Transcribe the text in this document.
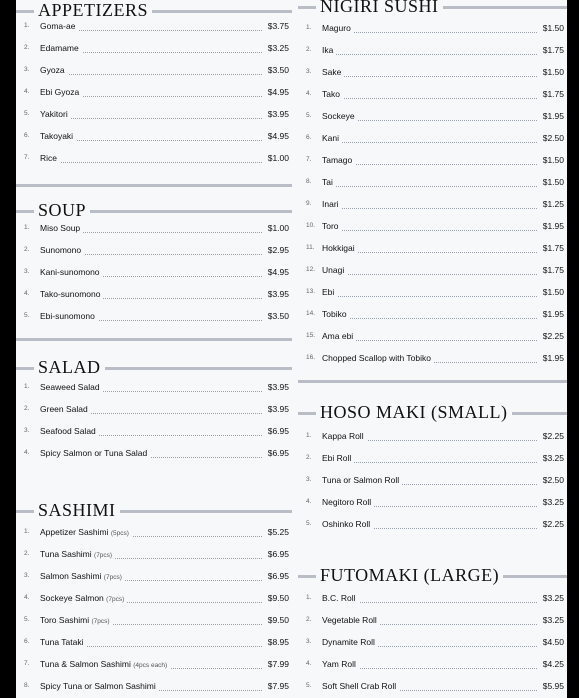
APPETIZERS
1.	Goma-ae	$3.75
2.	Edamame	$3.25
3.	Gyoza	$3.50
4.	Ebi Gyoza	$4.95
5.	Yakitori	$3.95
6.	Takoyaki	$4.95
7.	Rice	$1.00
SOUP
1.	Miso Soup	$1.00
2.	Sunomono	$2.95
3.	Kani-sunomono	$4.95
4.	Tako-sunomono	$3.95
5.	Ebi-sunomono	$3.50
SALAD
1.	Seaweed Salad	$3.95
2.	Green Salad	$3.95
3.	Seafood Salad	$6.95
4.	Spicy Salmon or Tuna Salad	$6.95
SASHIMI
1.	Appetizer Sashimi (5pcs)	$5.25
2.	Tuna Sashimi (7pcs)	$6.95
3.	Salmon Sashimi (7pcs)	$6.95
4.	Sockeye Salmon (7pcs)	$9.50
5.	Toro Sashimi (7pcs)	$9.50
6.	Tuna Tataki	$8.95
7.	Tuna & Salmon Sashimi (4pcs each)	$7.99
8.	Spicy Tuna or Salmon Sashimi	$7.95
NIGIRI SUSHI
1.	Maguro	$1.50
2.	Ika	$1.75
3.	Sake	$1.50
4.	Tako	$1.75
5.	Sockeye	$1.95
6.	Kani	$2.50
7.	Tamago	$1.50
8.	Tai	$1.50
9.	Inari	$1.25
10. Toro	$1.95
11. Hokkigai	$1.75
12. Unagi	$1.75
13. Ebi	$1.50
14. Tobiko	$1.95
15. Ama ebi	$2.25
16. Chopped Scallop with Tobiko	$1.95
HOSO MAKI (SMALL)
1.	Kappa Roll	$2.25
2.	Ebi Roll	$3.25
3.	Tuna or Salmon Roll	$2.50
4.	Negitoro Roll	$3.25
5.	Oshinko Roll	$2.25
FUTOMAKI (LARGE)
1.	B.C. Roll	$3.25
2.	Vegetable Roll	$3.25
3.	Dynamite Roll	$4.50
4.	Yam Roll	$4.25
5.	Soft Shell Crab Roll	$5.95
